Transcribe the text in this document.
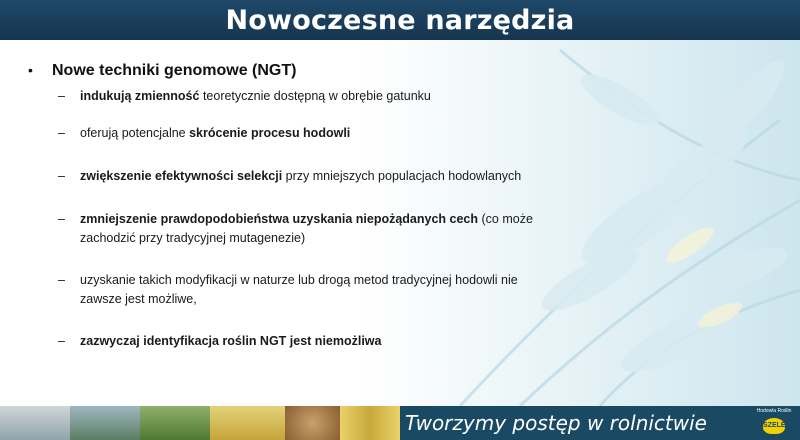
Nowoczesne narzędzia
•	Nowe techniki genomowe (NGT)
–	indukują zmienność teoretycznie dostępną w obrębie gatunku
–	oferują potencjalne skrócenie procesu hodowli
–	zwiększenie efektywności selekcji przy mniejszych populacjach hodowlanych
–	zmniejszenie prawdopodobieństwa uzyskania niepożądanych cech (co może zachodzić przy tradycyjnej mutagenezie)
–	uzyskanie takich modyfikacji w naturze lub drogą metod tradycyjnej hodowli nie zawsze jest możliwe,
–	zazwyczaj identyfikacja roślin NGT jest niemożliwa
Tworzymy postęp w rolnictwie	Hodowla Roślin
SZELEJ
